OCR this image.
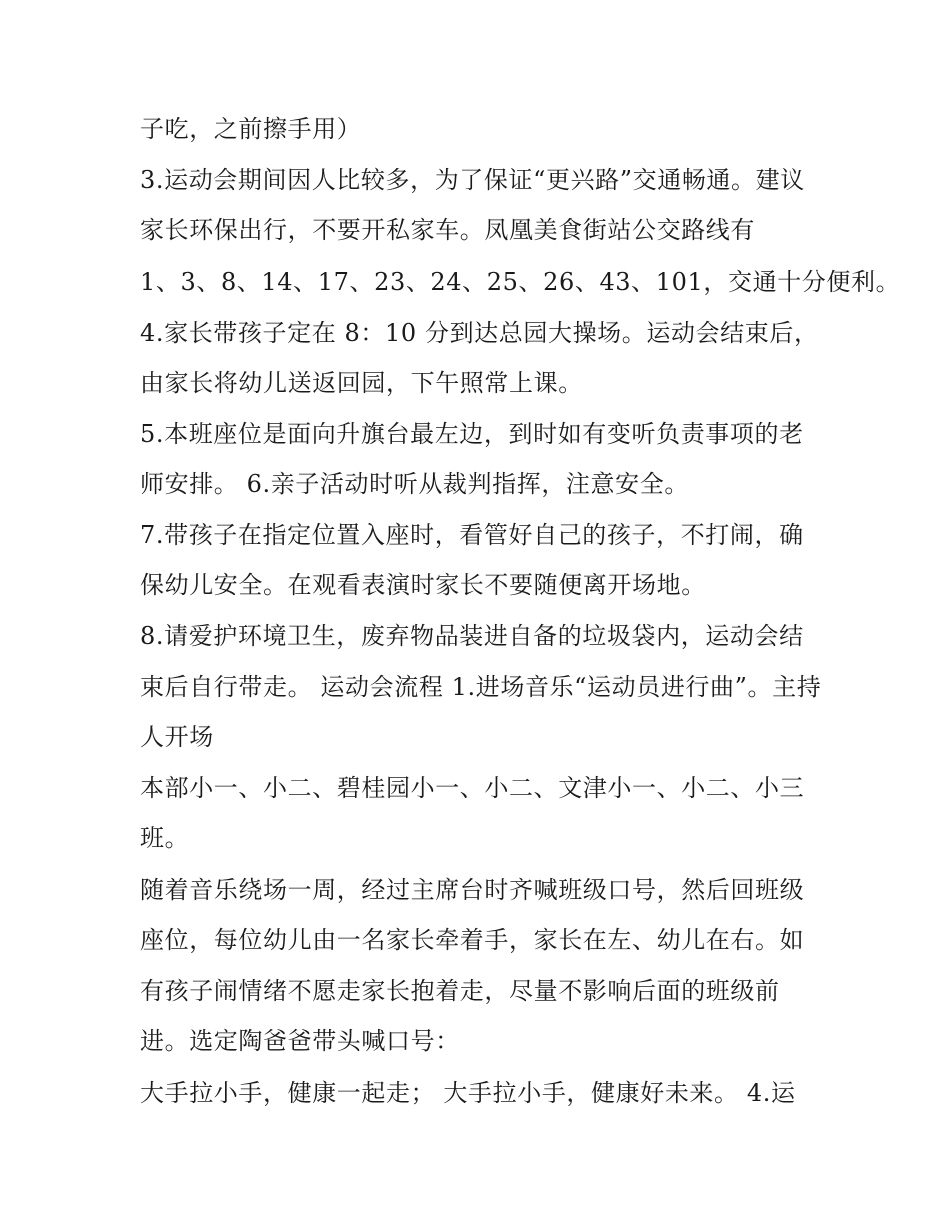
子吃，之前擦手用）
3.运动会期间因人比较多，为了保证“更兴路”交通畅通。建议
家长环保出行，不要开私家车。凤凰美食街站公交路线有
1、3、8、14、17、23、24、25、26、43、101，交通十分便利。
4.家长带孩子定在 8：10 分到达总园大操场。运动会结束后，
由家长将幼儿送返回园，下午照常上课。
5.本班座位是面向升旗台最左边，到时如有变听负责事项的老
师安排。 6.亲子活动时听从裁判指挥，注意安全。
7.带孩子在指定位置入座时，看管好自己的孩子，不打闹，确
保幼儿安全。在观看表演时家长不要随便离开场地。
8.请爱护环境卫生，废弃物品装进自备的垃圾袋内，运动会结
束后自行带走。 运动会流程 1.进场音乐“运动员进行曲”。主持
人开场
本部小一、小二、碧桂园小一、小二、文津小一、小二、小三
班。
随着音乐绕场一周，经过主席台时齐喊班级口号，然后回班级
座位，每位幼儿由一名家长牵着手，家长在左、幼儿在右。如
有孩子闹情绪不愿走家长抱着走，尽量不影响后面的班级前
进。选定陶爸爸带头喊口号：
大手拉小手，健康一起走； 大手拉小手，健康好未来。 4.运
